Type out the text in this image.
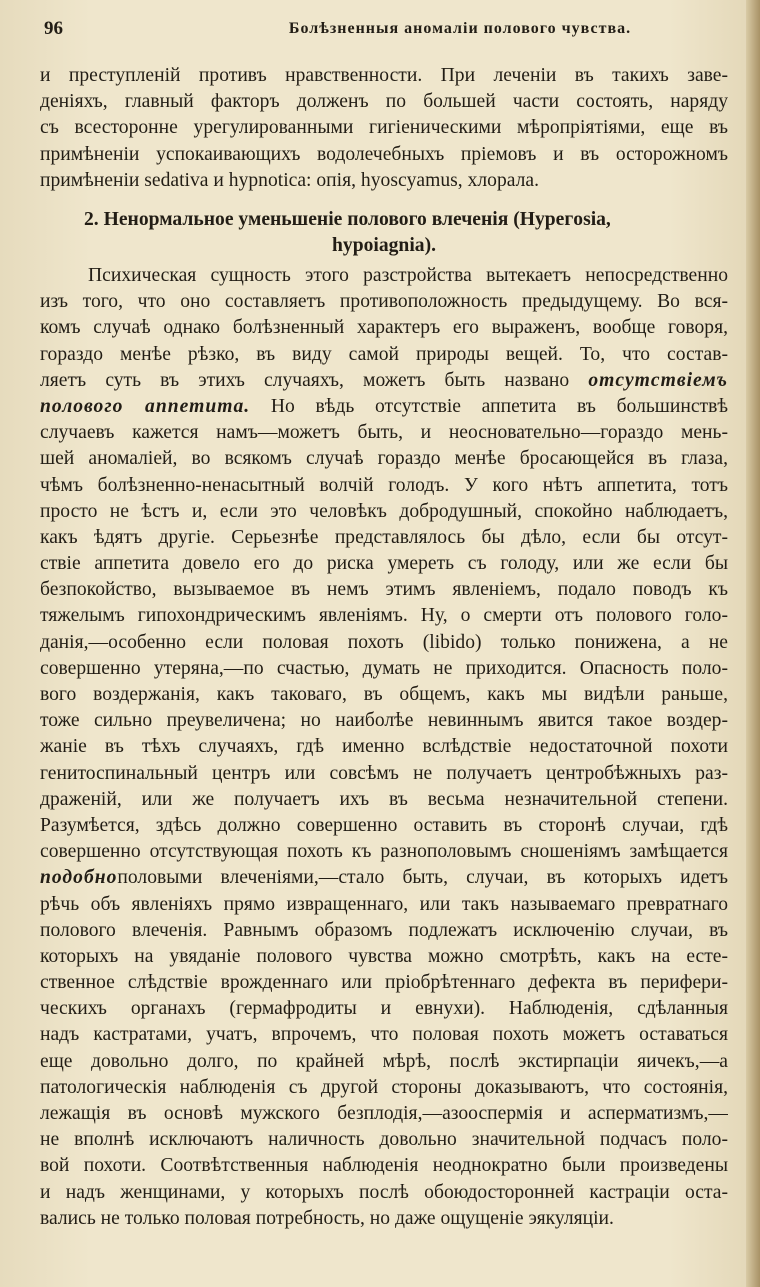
96	Болѣзненныя аномаліи полового чувства.
и преступленій противъ нравственности. При леченіи въ такихъ заве-
деніяхъ, главный факторъ долженъ по большей части состоять, наряду
съ всесторонне урегулированными гигіеническими мѣропріятіями, еще въ
примѣненіи успокаивающихъ водолечебныхъ пріемовъ и въ осторожномъ
примѣненіи sedativa и hypnotica: опія, hyoscyamus, хлорала.
2. Ненормальное уменьшеніе полового влеченія (Hypeгosia,
hypoіagnia).
Психическая сущность этого разстройства вытекаетъ непосредственно
изъ того, что оно составляетъ противоположность предыдущему. Во вся-
комъ случаѣ однако болѣзненный характеръ его выраженъ, вообще говоря,
гораздо менѣе рѣзко, въ виду самой природы вещей. То, что состав-
ляетъ суть въ этихъ случаяхъ, можетъ быть названо отсутствіемъ
полового аппетита. Но вѣдь отсутствіе аппетита въ большинствѣ
случаевъ кажется намъ—можетъ быть, и неосновательно—гораздо мень-
шей аномаліей, во всякомъ случаѣ гораздо менѣе бросающейся въ глаза,
чѣмъ болѣзненно-ненасытный волчій голодъ. У кого нѣтъ аппетита, тотъ
просто не ѣстъ и, если это человѣкъ добродушный, спокойно наблюдаетъ,
какъ ѣдятъ другіе. Серьезнѣе представлялось бы дѣло, если бы отсут-
ствіе аппетита довело его до риска умереть съ голоду, или же если бы
безпокойство, вызываемое въ немъ этимъ явленіемъ, подало поводъ къ
тяжелымъ гипохондрическимъ явленіямъ. Ну, о смерти отъ полового голо-
данія,—особенно если половая похоть (libido) только понижена, а не
совершенно утеряна,—по счастью, думать не приходится. Опасность поло-
вого воздержанія, какъ таковаго, въ общемъ, какъ мы видѣли раньше,
тоже сильно преувеличена; но наиболѣе невиннымъ явится такое воздер-
жаніе въ тѣхъ случаяхъ, гдѣ именно вслѣдствіе недостаточной похоти
генитоспинальный центръ или совсѣмъ не получаетъ центробѣжныхъ раз-
драженій, или же получаетъ ихъ въ весьма незначительной степени.
Разумѣется, здѣсь должно совершенно оставить въ сторонѣ случаи, гдѣ
совершенно отсутствующая похоть къ разнополовымъ сношеніямъ замѣщается
подобнополовыми влеченіями,—стало быть, случаи, въ которыхъ идетъ
рѣчь объ явленіяхъ прямо извращеннаго, или такъ называемаго превратнаго
полового влеченія. Равнымъ образомъ подлежатъ исключенію случаи, въ
которыхъ на увяданіе полового чувства можно смотрѣть, какъ на есте-
ственное слѣдствіе врожденнаго или пріобрѣтеннаго дефекта въ перифери-
ческихъ органахъ (гермафродиты и евнухи). Наблюденія, сдѣланныя
надъ кастратами, учатъ, впрочемъ, что половая похоть можетъ оставаться
еще довольно долго, по крайней мѣрѣ, послѣ экстирпаціи яичекъ,—а
патологическія наблюденія съ другой стороны доказываютъ, что состоянія,
лежащія въ основѣ мужского безплодія,—азооспермія и асперматизмъ,—
не вполнѣ исключаютъ наличность довольно значительной подчасъ поло-
вой похоти. Соотвѣтственныя наблюденія неоднократно были произведены
и надъ женщинами, у которыхъ послѣ обоюдосторонней кастраціи оста-
вались не только половая потребность, но даже ощущеніе эякуляціи.
